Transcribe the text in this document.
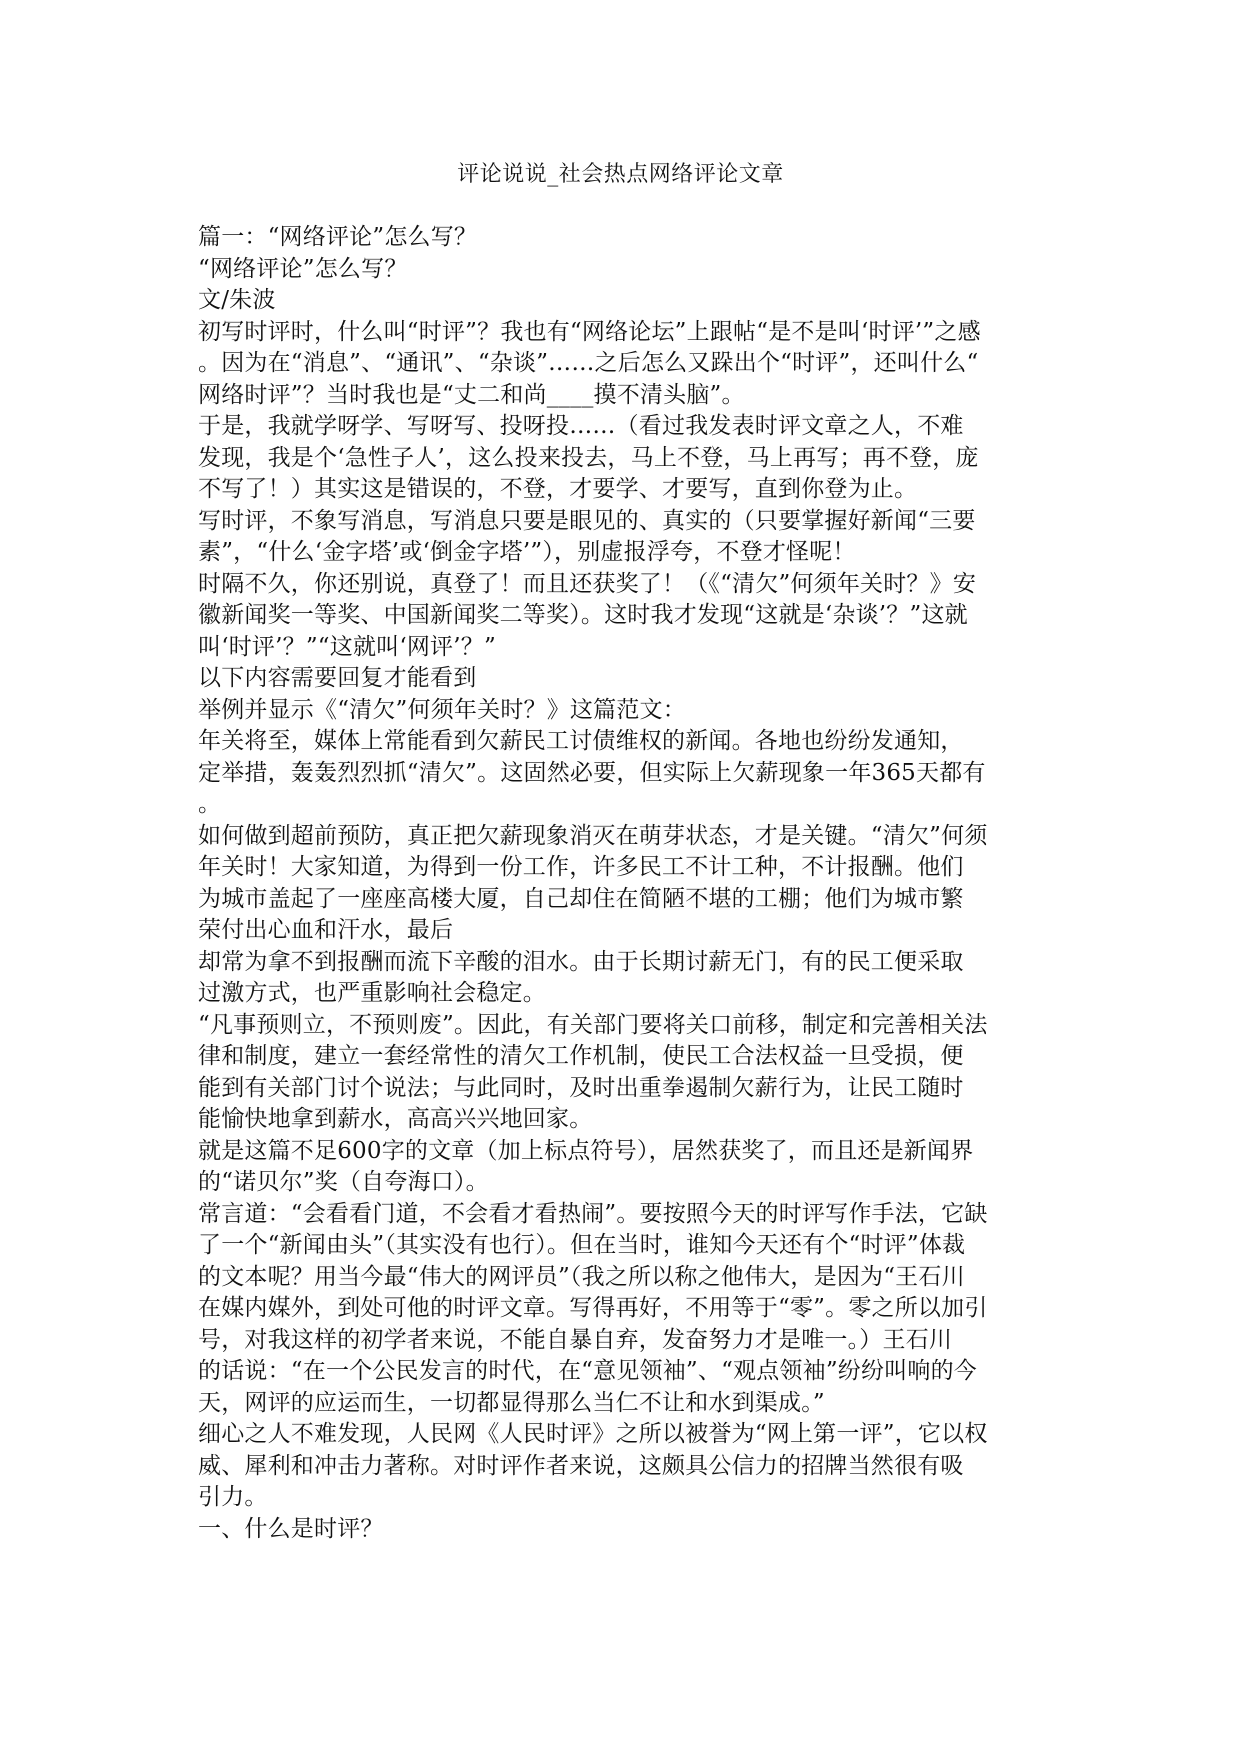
评论说说_社会热点网络评论文章
篇一：“网络评论”怎么写？
“网络评论”怎么写？
文/朱波
初写时评时，什么叫“时评”？我也有“网络论坛”上跟帖“是不是叫‘时评’”之感
。因为在“消息”、“通讯”、“杂谈”……之后怎么又跺出个“时评”，还叫什么“
网络时评”？当时我也是“丈二和尚____摸不清头脑”。
于是，我就学呀学、写呀写、投呀投……（看过我发表时评文章之人，不难
发现，我是个‘急性子人’，这么投来投去，马上不登，马上再写；再不登，庞
不写了！）其实这是错误的，不登，才要学、才要写，直到你登为止。
写时评，不象写消息，写消息只要是眼见的、真实的（只要掌握好新闻“三要
素”，“什么‘金字塔’或‘倒金字塔’”），别虚报浮夸，不登才怪呢！
时隔不久，你还别说，真登了！而且还获奖了！（《“清欠”何须年关时？》安
徽新闻奖一等奖、中国新闻奖二等奖）。这时我才发现“这就是‘杂谈’？”这就
叫‘时评’？”“这就叫‘网评’？”
以下内容需要回复才能看到
举例并显示《“清欠”何须年关时？》这篇范文：
年关将至，媒体上常能看到欠薪民工讨债维权的新闻。各地也纷纷发通知，
定举措，轰轰烈烈抓“清欠”。这固然必要，但实际上欠薪现象一年365天都有
。
如何做到超前预防，真正把欠薪现象消灭在萌芽状态，才是关键。“清欠”何须
年关时！大家知道，为得到一份工作，许多民工不计工种，不计报酬。他们
为城市盖起了一座座高楼大厦，自己却住在简陋不堪的工棚；他们为城市繁
荣付出心血和汗水，最后
却常为拿不到报酬而流下辛酸的泪水。由于长期讨薪无门，有的民工便采取
过激方式，也严重影响社会稳定。
“凡事预则立，不预则废”。因此，有关部门要将关口前移，制定和完善相关法
律和制度，建立一套经常性的清欠工作机制，使民工合法权益一旦受损，便
能到有关部门讨个说法；与此同时，及时出重拳遏制欠薪行为，让民工随时
能愉快地拿到薪水，高高兴兴地回家。
就是这篇不足600字的文章（加上标点符号），居然获奖了，而且还是新闻界
的“诺贝尔”奖（自夸海口）。
常言道：“会看看门道，不会看才看热闹”。要按照今天的时评写作手法，它缺
了一个“新闻由头”（其实没有也行）。但在当时，谁知今天还有个“时评”体裁
的文本呢？用当今最“伟大的网评员”（我之所以称之他伟大，是因为“王石川
在媒内媒外，到处可他的时评文章。写得再好，不用等于“零”。零之所以加引
号，对我这样的初学者来说，不能自暴自弃，发奋努力才是唯一。）王石川
的话说：“在一个公民发言的时代，在“意见领袖”、“观点领袖”纷纷叫响的今
天，网评的应运而生，一切都显得那么当仁不让和水到渠成。”
细心之人不难发现，人民网《人民时评》之所以被誉为“网上第一评”，它以权
威、犀利和冲击力著称。对时评作者来说，这颇具公信力的招牌当然很有吸
引力。
一、什么是时评？
